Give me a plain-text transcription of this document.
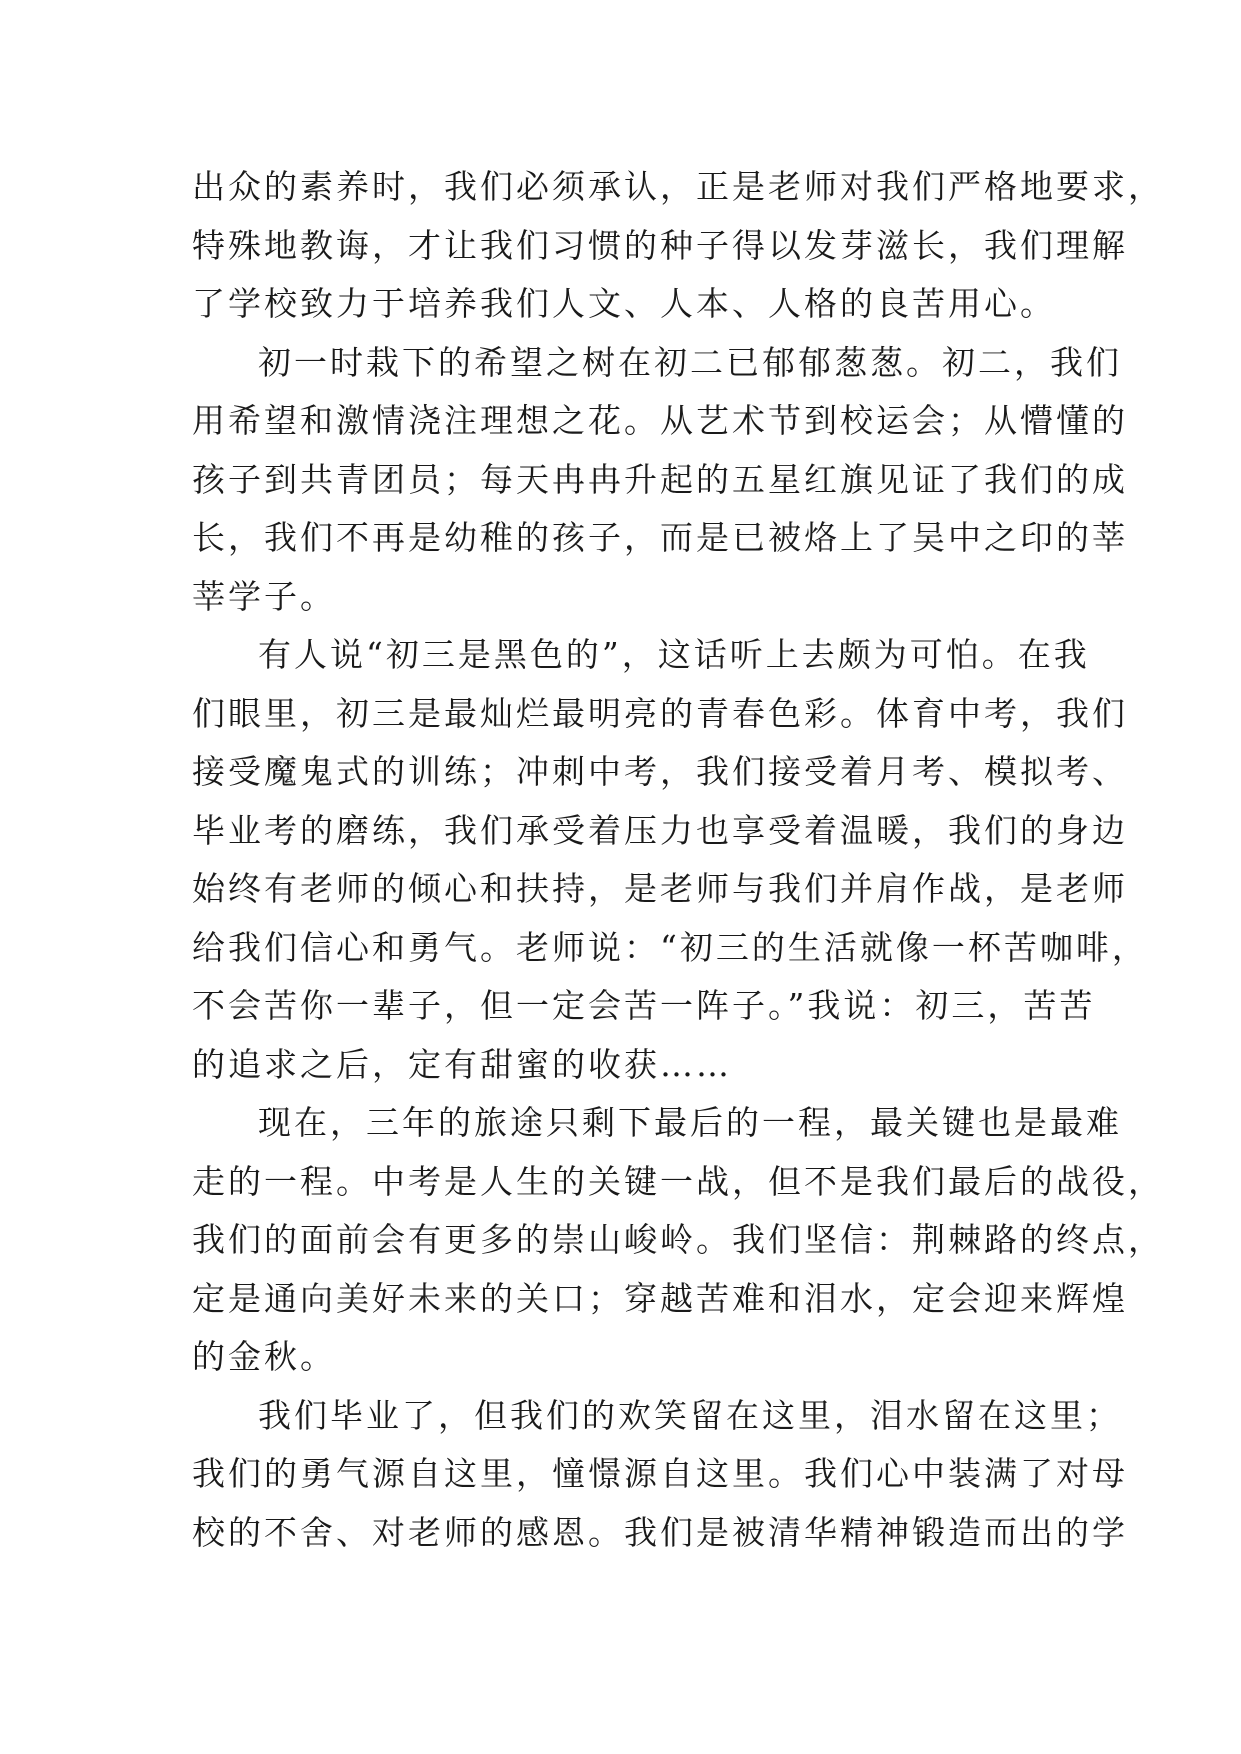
出众的素养时，我们必须承认，正是老师对我们严格地要求，
特殊地教诲，才让我们习惯的种子得以发芽滋长，我们理解
了学校致力于培养我们人文、人本、人格的良苦用心。
初一时栽下的希望之树在初二已郁郁葱葱。初二，我们
用希望和激情浇注理想之花。从艺术节到校运会；从懵懂的
孩子到共青团员；每天冉冉升起的五星红旗见证了我们的成
长，我们不再是幼稚的孩子，而是已被烙上了吴中之印的莘
莘学子。
有人说“初三是黑色的”，这话听上去颇为可怕。在我
们眼里，初三是最灿烂最明亮的青春色彩。体育中考，我们
接受魔鬼式的训练；冲刺中考，我们接受着月考、模拟考、
毕业考的磨练，我们承受着压力也享受着温暖，我们的身边
始终有老师的倾心和扶持，是老师与我们并肩作战，是老师
给我们信心和勇气。老师说：“初三的生活就像一杯苦咖啡，
不会苦你一辈子，但一定会苦一阵子。”我说：初三，苦苦
的追求之后，定有甜蜜的收获……
现在，三年的旅途只剩下最后的一程，最关键也是最难
走的一程。中考是人生的关键一战，但不是我们最后的战役，
我们的面前会有更多的崇山峻岭。我们坚信：荆棘路的终点，
定是通向美好未来的关口；穿越苦难和泪水，定会迎来辉煌
的金秋。
我们毕业了，但我们的欢笑留在这里，泪水留在这里；
我们的勇气源自这里，憧憬源自这里。我们心中装满了对母
校的不舍、对老师的感恩。我们是被清华精神锻造而出的学
